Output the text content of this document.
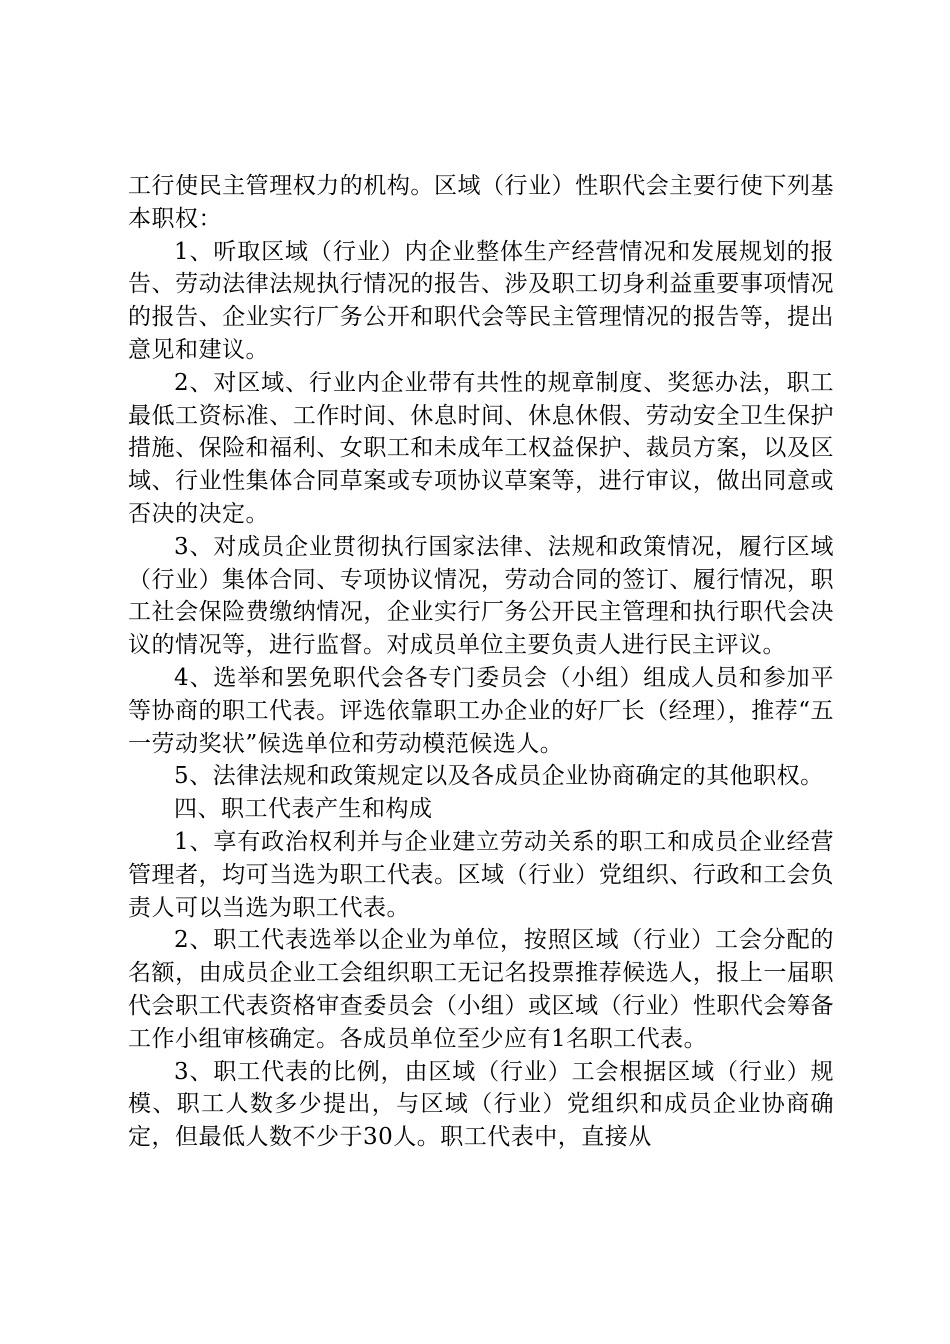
工行使民主管理权力的机构。区域（行业）性职代会主要行使下列基本职权：

1、听取区域（行业）内企业整体生产经营情况和发展规划的报告、劳动法律法规执行情况的报告、涉及职工切身利益重要事项情况的报告、企业实行厂务公开和职代会等民主管理情况的报告等，提出意见和建议。

2、对区域、行业内企业带有共性的规章制度、奖惩办法，职工最低工资标准、工作时间、休息时间、休息休假、劳动安全卫生保护措施、保险和福利、女职工和未成年工权益保护、裁员方案，以及区域、行业性集体合同草案或专项协议草案等，进行审议，做出同意或否决的决定。

3、对成员企业贯彻执行国家法律、法规和政策情况，履行区域（行业）集体合同、专项协议情况，劳动合同的签订、履行情况，职工社会保险费缴纳情况，企业实行厂务公开民主管理和执行职代会决议的情况等，进行监督。对成员单位主要负责人进行民主评议。

4、选举和罢免职代会各专门委员会（小组）组成人员和参加平等协商的职工代表。评选依靠职工办企业的好厂长（经理），推荐“五一劳动奖状”候选单位和劳动模范候选人。

5、法律法规和政策规定以及各成员企业协商确定的其他职权。

四、职工代表产生和构成

1、享有政治权利并与企业建立劳动关系的职工和成员企业经营管理者，均可当选为职工代表。区域（行业）党组织、行政和工会负责人可以当选为职工代表。

2、职工代表选举以企业为单位，按照区域（行业）工会分配的名额，由成员企业工会组织职工无记名投票推荐候选人，报上一届职代会职工代表资格审查委员会（小组）或区域（行业）性职代会筹备工作小组审核确定。各成员单位至少应有1名职工代表。

3、职工代表的比例，由区域（行业）工会根据区域（行业）规模、职工人数多少提出，与区域（行业）党组织和成员企业协商确定，但最低人数不少于30人。职工代表中，直接从
